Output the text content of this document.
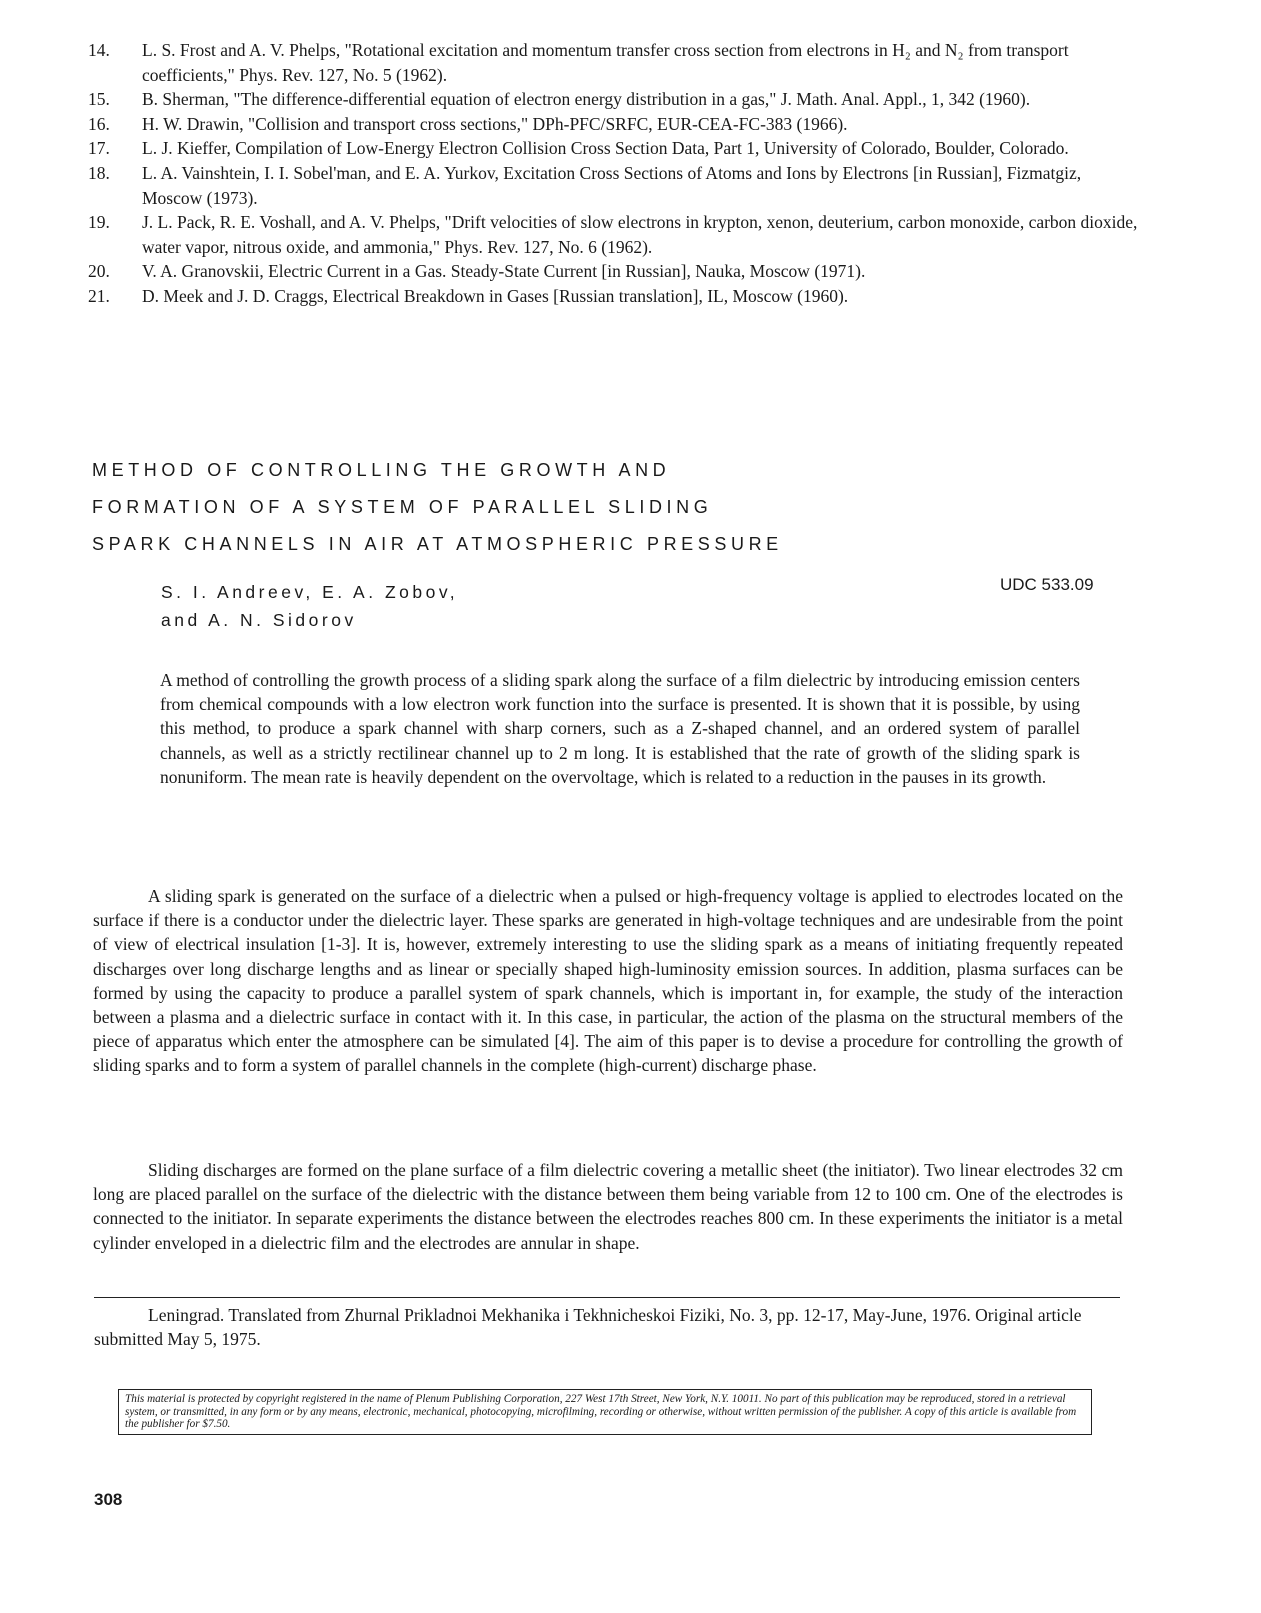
14.	L. S. Frost and A. V. Phelps, "Rotational excitation and momentum transfer cross section from electrons in H₂ and N₂ from transport coefficients," Phys. Rev. 127, No. 5 (1962).
15.	B. Sherman, "The difference-differential equation of electron energy distribution in a gas," J. Math. Anal. Appl., 1, 342 (1960).
16.	H. W. Drawin, "Collision and transport cross sections," DPh-PFC/SRFC, EUR-CEA-FC-383 (1966).
17.	L. J. Kieffer, Compilation of Low-Energy Electron Collision Cross Section Data, Part 1, University of Colorado, Boulder, Colorado.
18.	L. A. Vainshtein, I. I. Sobel'man, and E. A. Yurkov, Excitation Cross Sections of Atoms and Ions by Electrons [in Russian], Fizmatgiz, Moscow (1973).
19.	J. L. Pack, R. E. Voshall, and A. V. Phelps, "Drift velocities of slow electrons in krypton, xenon, deuterium, carbon monoxide, carbon dioxide, water vapor, nitrous oxide, and ammonia," Phys. Rev. 127, No. 6 (1962).
20.	V. A. Granovskii, Electric Current in a Gas. Steady-State Current [in Russian], Nauka, Moscow (1971).
21.	D. Meek and J. D. Craggs, Electrical Breakdown in Gases [Russian translation], IL, Moscow (1960).
METHOD OF CONTROLLING THE GROWTH AND
FORMATION OF A SYSTEM OF PARALLEL SLIDING
SPARK CHANNELS IN AIR AT ATMOSPHERIC PRESSURE
S. I. Andreev, E. A. Zobov,
and A. N. Sidorov
UDC 533.09
A method of controlling the growth process of a sliding spark along the surface of a film dielectric by introducing emission centers from chemical compounds with a low electron work function into the surface is presented. It is shown that it is possible, by using this method, to produce a spark channel with sharp corners, such as a Z-shaped channel, and an ordered system of parallel channels, as well as a strictly rectilinear channel up to 2 m long. It is established that the rate of growth of the sliding spark is nonuniform. The mean rate is heavily dependent on the overvoltage, which is related to a reduction in the pauses in its growth.

A sliding spark is generated on the surface of a dielectric when a pulsed or high-frequency voltage is applied to electrodes located on the surface if there is a conductor under the dielectric layer. These sparks are generated in high-voltage techniques and are undesirable from the point of view of electrical insulation [1-3]. It is, however, extremely interesting to use the sliding spark as a means of initiating frequently repeated discharges over long discharge lengths and as linear or specially shaped high-luminosity emission sources. In addition, plasma surfaces can be formed by using the capacity to produce a parallel system of spark channels, which is important in, for example, the study of the interaction between a plasma and a dielectric surface in contact with it. In this case, in particular, the action of the plasma on the structural members of the piece of apparatus which enter the atmosphere can be simulated [4]. The aim of this paper is to devise a procedure for controlling the growth of sliding sparks and to form a system of parallel channels in the complete (high-current) discharge phase.

Sliding discharges are formed on the plane surface of a film dielectric covering a metallic sheet (the initiator). Two linear electrodes 32 cm long are placed parallel on the surface of the dielectric with the distance between them being variable from 12 to 100 cm. One of the electrodes is connected to the initiator. In separate experiments the distance between the electrodes reaches 800 cm. In these experiments the initiator is a metal cylinder enveloped in a dielectric film and the electrodes are annular in shape.

Leningrad. Translated from Zhurnal Prikladnoi Mekhanika i Tekhnicheskoi Fiziki, No. 3, pp. 12-17, May-June, 1976. Original article submitted May 5, 1975.

This material is protected by copyright registered in the name of Plenum Publishing Corporation, 227 West 17th Street, New York, N.Y. 10011. No part of this publication may be reproduced, stored in a retrieval system, or transmitted, in any form or by any means, electronic, mechanical, photocopying, microfilming, recording or otherwise, without written permission of the publisher. A copy of this article is available from the publisher for $7.50.
308
